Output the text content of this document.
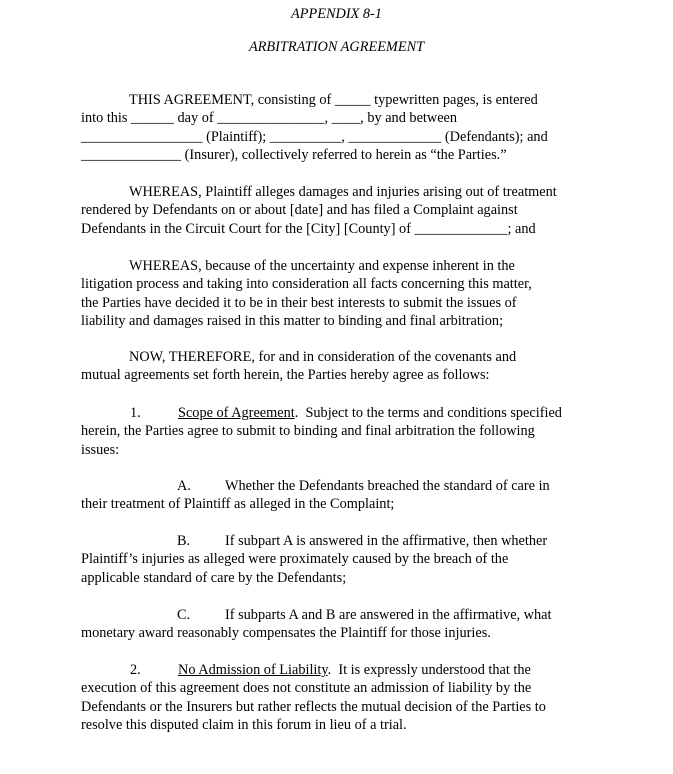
APPENDIX 8-1
ARBITRATION AGREEMENT
THIS AGREEMENT, consisting of _____ typewritten pages, is entered
into this ______ day of _______________, ____, by and between
_________________ (Plaintiff); __________, _____________ (Defendants); and
______________ (Insurer), collectively referred to herein as “the Parties.”
WHEREAS, Plaintiff alleges damages and injuries arising out of treatment
rendered by Defendants on or about [date] and has filed a Complaint against
Defendants in the Circuit Court for the [City] [County] of _____________; and
WHEREAS, because of the uncertainty and expense inherent in the
litigation process and taking into consideration all facts concerning this matter,
the Parties have decided it to be in their best interests to submit the issues of
liability and damages raised in this matter to binding and final arbitration;
NOW, THEREFORE, for and in consideration of the covenants and
mutual agreements set forth herein, the Parties hereby agree as follows:
1.	Scope of Agreement.  Subject to the terms and conditions specified
herein, the Parties agree to submit to binding and final arbitration the following
issues:
A. Whether the Defendants breached the standard of care in
their treatment of Plaintiff as alleged in the Complaint;
B. If subpart A is answered in the affirmative, then whether
Plaintiff’s injuries as alleged were proximately caused by the breach of the
applicable standard of care by the Defendants;
C. If subparts A and B are answered in the affirmative, what
monetary award reasonably compensates the Plaintiff for those injuries.
2.	No Admission of Liability.  It is expressly understood that the
execution of this agreement does not constitute an admission of liability by the
Defendants or the Insurers but rather reflects the mutual decision of the Parties to
resolve this disputed claim in this forum in lieu of a trial.
